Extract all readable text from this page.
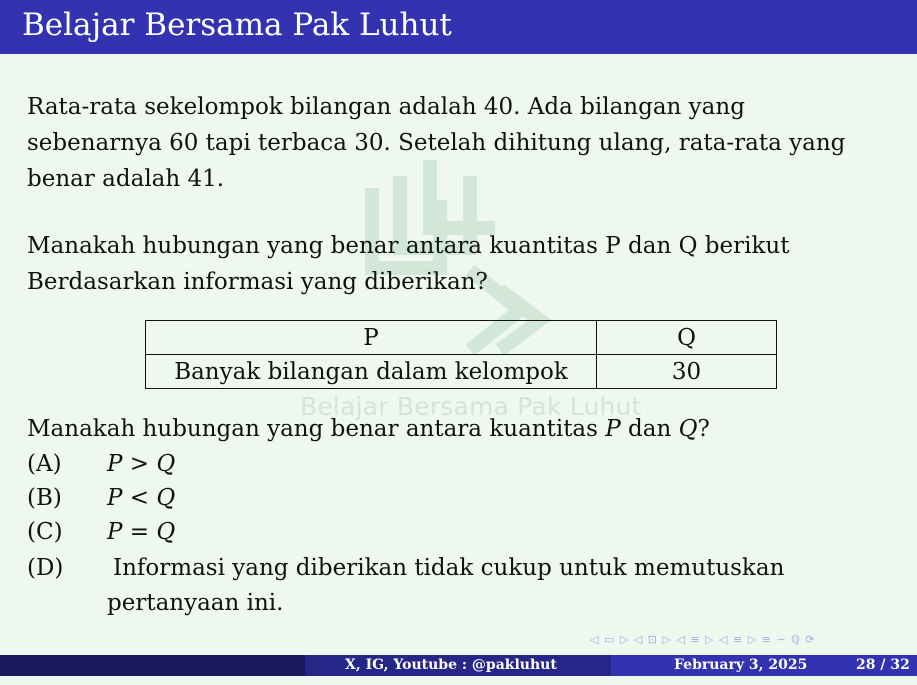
Belajar Bersama Pak Luhut
Belajar Bersama Pak Luhut
Rata-rata sekelompok bilangan adalah 40. Ada bilangan yang
sebenarnya 60 tapi terbaca 30. Setelah dihitung ulang, rata-rata yang
benar adalah 41.
Manakah hubungan yang benar antara kuantitas P dan Q berikut
Berdasarkan informasi yang diberikan?
P	Q
Banyak bilangan dalam kelompok	30
Manakah hubungan yang benar antara kuantitas P dan Q?
(A) P > Q
(B) P < Q
(C) P = Q
(D) Informasi yang diberikan tidak cukup untuk memutuskan
pertanyaan ini.
◁ ▭ ▷ ◁ ⊡ ▷ ◁ ≡ ▷ ◁ ≡ ▷ ≡ ∽ ℚ ⟳
X, IG, Youtube : @pakluhut	February 3, 2025	28 / 32
